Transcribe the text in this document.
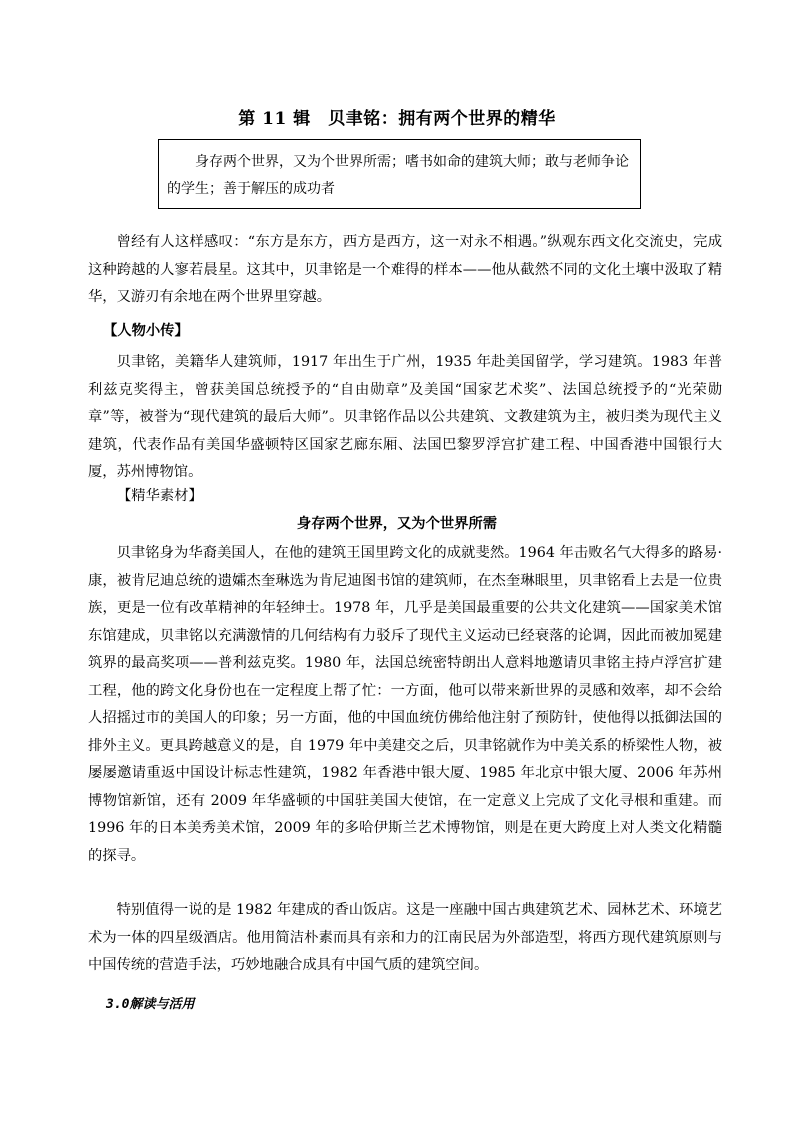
第 11 辑　贝聿铭：拥有两个世界的精华
身存两个世界，又为个世界所需；嗜书如命的建筑大师；敢与老师争论的学生；善于解压的成功者

曾经有人这样感叹：“东方是东方，西方是西方，这一对永不相遇。”纵观东西文化交流史，完成这种跨越的人寥若晨星。这其中，贝聿铭是一个难得的样本——他从截然不同的文化土壤中汲取了精华，又游刃有余地在两个世界里穿越。

【人物小传】

贝聿铭，美籍华人建筑师，1917 年出生于广州，1935 年赴美国留学，学习建筑。1983 年普利兹克奖得主，曾获美国总统授予的“自由勋章”及美国“国家艺术奖”、法国总统授予的“光荣勋章”等，被誉为“现代建筑的最后大师”。贝聿铭作品以公共建筑、文教建筑为主，被归类为现代主义建筑，代表作品有美国华盛顿特区国家艺廊东厢、法国巴黎罗浮宫扩建工程、中国香港中国银行大厦，苏州博物馆。

【精华素材】
身存两个世界，又为个世界所需

贝聿铭身为华裔美国人，在他的建筑王国里跨文化的成就斐然。1964 年击败名气大得多的路易·康，被肯尼迪总统的遗孀杰奎琳选为肯尼迪图书馆的建筑师，在杰奎琳眼里，贝聿铭看上去是一位贵族，更是一位有改革精神的年轻绅士。1978 年，几乎是美国最重要的公共文化建筑——国家美术馆东馆建成，贝聿铭以充满激情的几何结构有力驳斥了现代主义运动已经衰落的论调，因此而被加冕建筑界的最高奖项——普利兹克奖。1980 年，法国总统密特朗出人意料地邀请贝聿铭主持卢浮宫扩建工程，他的跨文化身份也在一定程度上帮了忙：一方面，他可以带来新世界的灵感和效率，却不会给人招摇过市的美国人的印象；另一方面，他的中国血统仿佛给他注射了预防针，使他得以抵御法国的排外主义。更具跨越意义的是，自 1979 年中美建交之后，贝聿铭就作为中美关系的桥梁性人物，被屡屡邀请重返中国设计标志性建筑，1982 年香港中银大厦、1985 年北京中银大厦、2006 年苏州博物馆新馆，还有 2009 年华盛顿的中国驻美国大使馆，在一定意义上完成了文化寻根和重建。而 1996 年的日本美秀美术馆，2009 年的多哈伊斯兰艺术博物馆，则是在更大跨度上对人类文化精髓的探寻。

特别值得一说的是 1982 年建成的香山饭店。这是一座融中国古典建筑艺术、园林艺术、环境艺术为一体的四星级酒店。他用简洁朴素而具有亲和力的江南民居为外部造型，将西方现代建筑原则与中国传统的营造手法，巧妙地融合成具有中国气质的建筑空间。

3.0解读与活用
